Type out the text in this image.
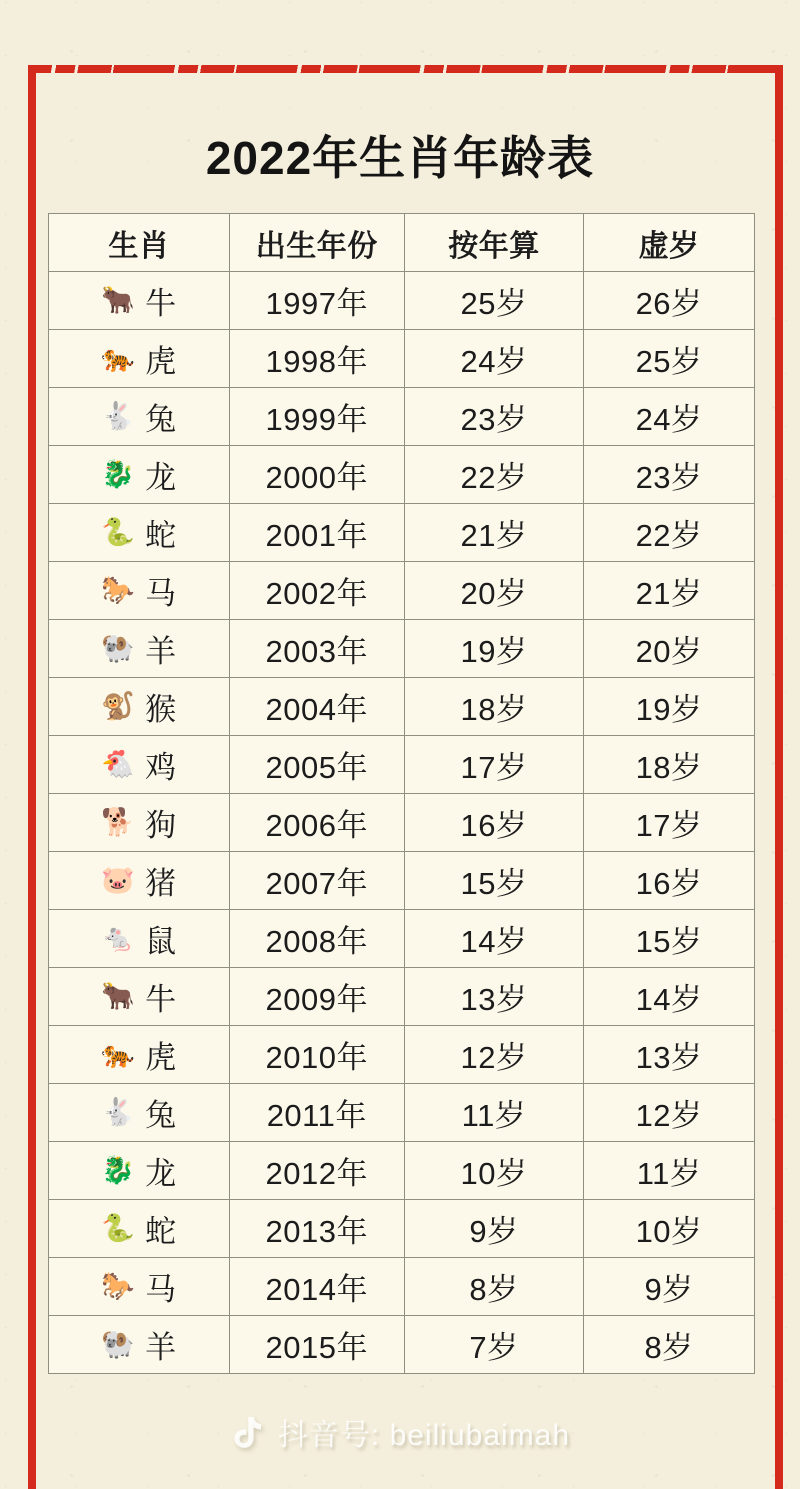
2022年生肖年龄表
生肖	出生年份	按年算	虚岁

🐂 牛	1997年	25岁	26岁

🐅 虎	1998年	24岁	25岁

🐇 兔	1999年	23岁	24岁

🐉 龙	2000年	22岁	23岁

🐍 蛇	2001年	21岁	22岁

🐎 马	2002年	20岁	21岁

🐏 羊	2003年	19岁	20岁

🐒 猴	2004年	18岁	19岁

🐔 鸡	2005年	17岁	18岁

🐕 狗	2006年	16岁	17岁

🐷 猪	2007年	15岁	16岁

🐁 鼠	2008年	14岁	15岁

🐂 牛	2009年	13岁	14岁

🐅 虎	2010年	12岁	13岁

🐇 兔	2011年	11岁	12岁

🐉 龙	2012年	10岁	11岁

🐍 蛇	2013年	9岁	10岁

🐎 马	2014年	8岁	9岁

🐏 羊	2015年	7岁	8岁
抖音号: beiliubaimah
